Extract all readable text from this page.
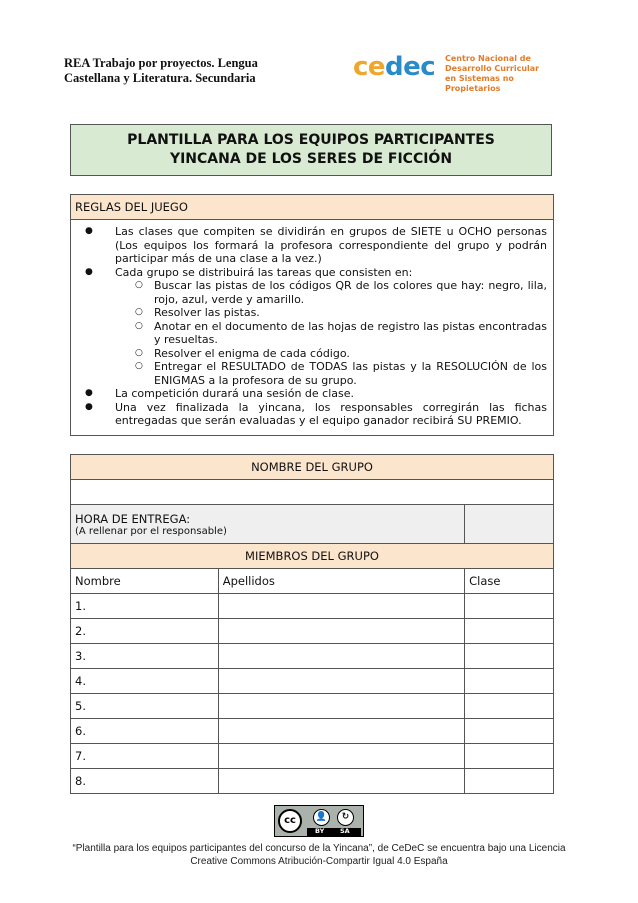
REA Trabajo por proyectos. Lengua
Castellana y Literatura. Secundaria	cedec Centro Nacional de
Desarrollo Curricular
en Sistemas no Propietarios
PLANTILLA PARA LOS EQUIPOS PARTICIPANTES
YINCANA DE LOS SERES DE FICCIÓN
REGLAS DEL JUEGO
● Las clases que compiten se dividirán en grupos de SIETE u OCHO personas (Los equipos los formará la profesora correspondiente del grupo y podrán participar más de una clase a la vez.)
● Cada grupo se distribuirá las tareas que consisten en:
○ Buscar las pistas de los códigos QR de los colores que hay: negro, lila, rojo, azul, verde y amarillo.
○ Resolver las pistas.
○ Anotar en el documento de las hojas de registro las pistas encontradas y resueltas.
○ Resolver el enigma de cada código.
○ Entregar el RESULTADO de TODAS las pistas y la RESOLUCIÓN de los ENIGMAS a la profesora de su grupo.
● La competición durará una sesión de clase.
● Una vez finalizada la yincana, los responsables corregirán las fichas entregadas que serán evaluadas y el equipo ganador recibirá SU PREMIO.
NOMBRE DEL GRUPO		

HORA DE ENTREGA:
(A rellenar por el responsable)		

MIEMBROS DEL GRUPO		
Nombre	Apellidos	Clase
1.		
2.		
3.		
4.		
5.		
6.		
7.		
8.		
cc	👤	↻
BY SA
“Plantilla para los equipos participantes del concurso de la Yincana”, de CeDeC se encuentra bajo una Licencia
Creative Commons Atribución-Compartir Igual 4.0 España
